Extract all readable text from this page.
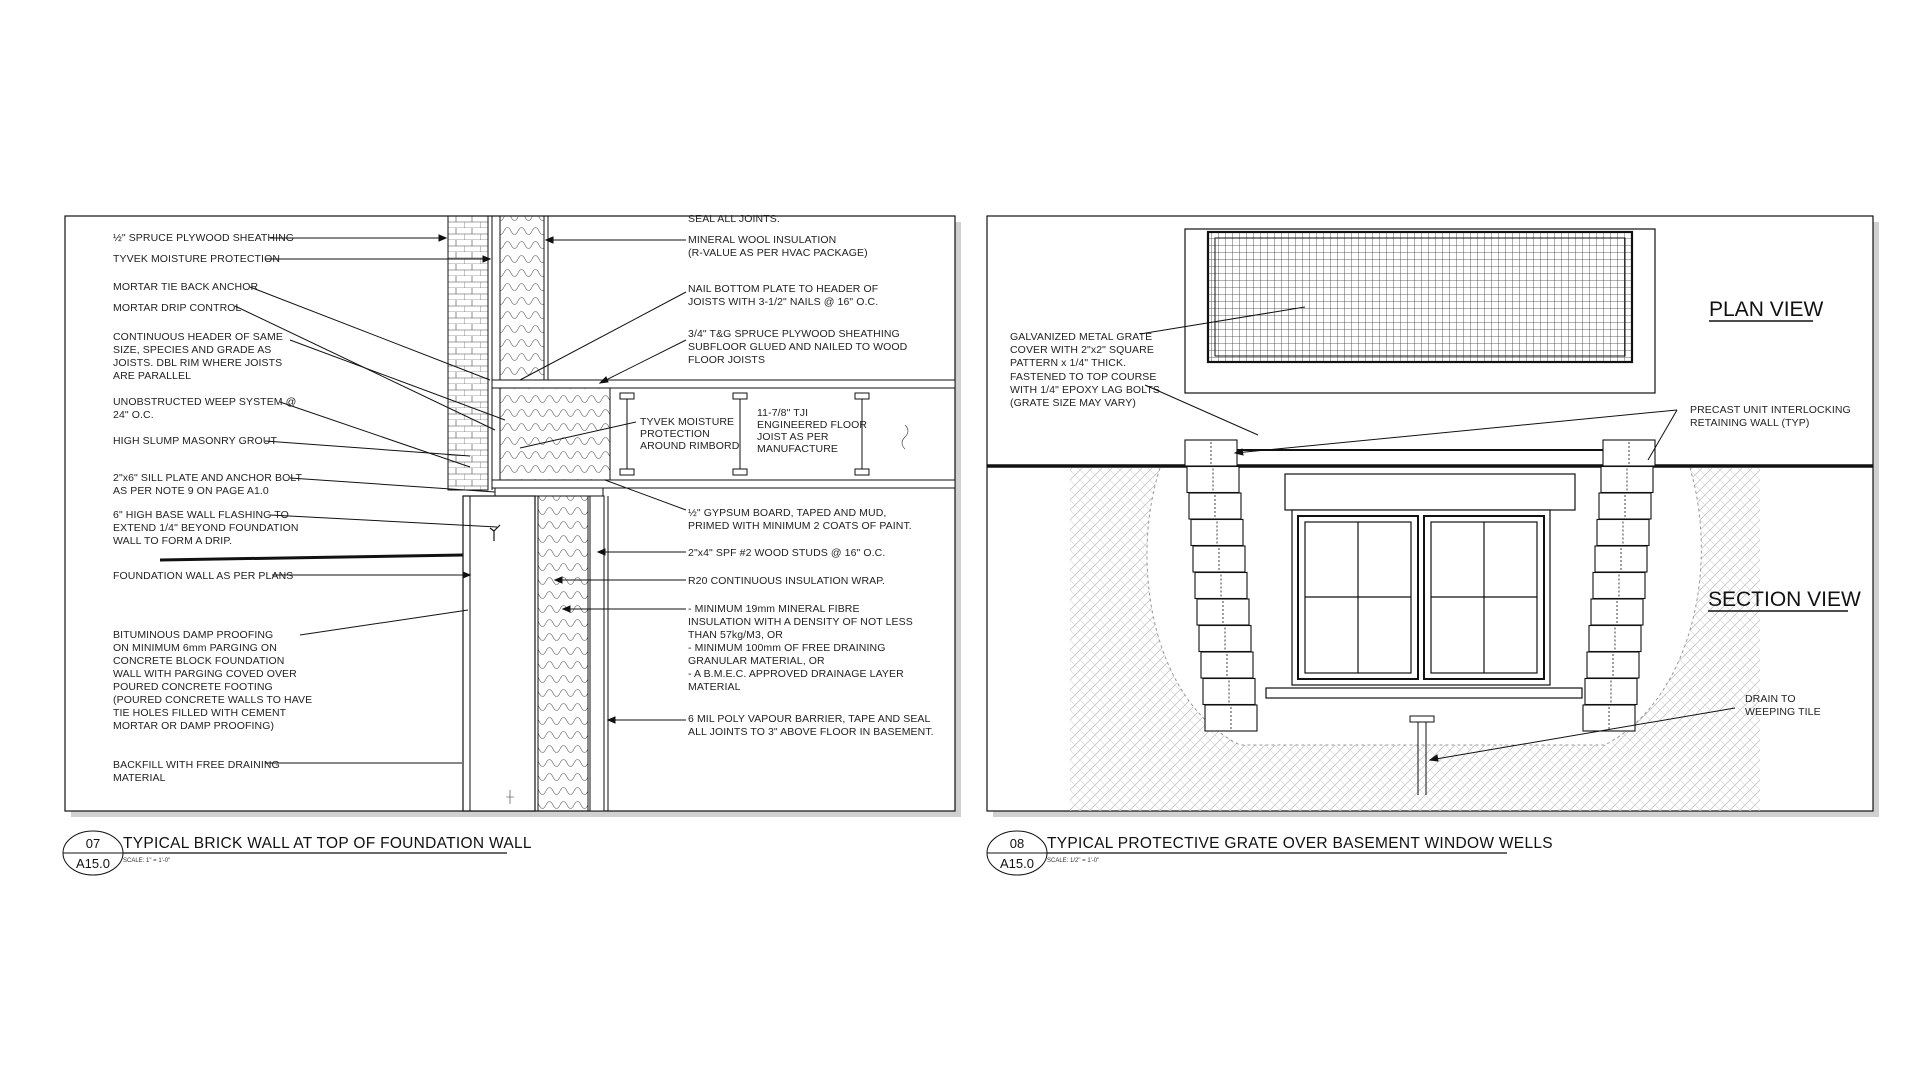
½" SPRUCE PLYWOOD SHEATHING
TYVEK MOISTURE PROTECTION
MORTAR TIE BACK ANCHOR
MORTAR DRIP CONTROL
CONTINUOUS HEADER OF SAME
SIZE, SPECIES AND GRADE AS
JOISTS. DBL RIM WHERE JOISTS
ARE PARALLEL
UNOBSTRUCTED WEEP SYSTEM @
24" O.C.
HIGH SLUMP MASONRY GROUT
2"x6" SILL PLATE AND ANCHOR BOLT
AS PER NOTE 9 ON PAGE A1.0
6" HIGH BASE WALL FLASHING TO
EXTEND 1/4" BEYOND FOUNDATION
WALL TO FORM A DRIP.
FOUNDATION WALL AS PER PLANS
BITUMINOUS DAMP PROOFING
ON MINIMUM 6mm PARGING ON
CONCRETE BLOCK FOUNDATION
WALL WITH PARGING COVED OVER
POURED CONCRETE FOOTING
(POURED CONCRETE WALLS TO HAVE
TIE HOLES FILLED WITH CEMENT
MORTAR OR DAMP PROOFING)
BACKFILL WITH FREE DRAINING
MATERIAL
SEAL ALL JOINTS.
MINERAL WOOL INSULATION
(R-VALUE AS PER HVAC PACKAGE)
NAIL BOTTOM PLATE TO HEADER OF
JOISTS WITH 3-1/2" NAILS @ 16" O.C.
3/4" T&G SPRUCE PLYWOOD SHEATHING
SUBFLOOR GLUED AND NAILED TO WOOD
FLOOR JOISTS
½" GYPSUM BOARD, TAPED AND MUD,
PRIMED WITH MINIMUM 2 COATS OF PAINT.
2"x4" SPF #2 WOOD STUDS @ 16" O.C.
R20 CONTINUOUS INSULATION WRAP.
- MINIMUM 19mm MINERAL FIBRE
INSULATION WITH A DENSITY OF NOT LESS
THAN 57kg/M3, OR
- MINIMUM 100mm OF FREE DRAINING
GRANULAR MATERIAL, OR
- A B.M.E.C. APPROVED DRAINAGE LAYER
MATERIAL
6 MIL POLY VAPOUR BARRIER, TAPE AND SEAL
ALL JOINTS TO 3" ABOVE FLOOR IN BASEMENT.
TYVEK MOISTURE
PROTECTION
AROUND RIMBORD
11-7/8" TJI
ENGINEERED FLOOR
JOIST AS PER
MANUFACTURE
PLAN VIEW
SECTION VIEW
GALVANIZED METAL GRATE
COVER WITH 2"x2" SQUARE
PATTERN x 1/4" THICK.
FASTENED TO TOP COURSE
WITH 1/4" EPOXY LAG BOLTS
(GRATE SIZE MAY VARY)
PRECAST UNIT INTERLOCKING
RETAINING WALL (TYP)
DRAIN TO
WEEPING TILE
07
A15.0
TYPICAL BRICK WALL AT TOP OF FOUNDATION WALL
SCALE: 1" = 1'-0"
08
A15.0
TYPICAL PROTECTIVE GRATE OVER BASEMENT WINDOW WELLS
SCALE: 1/2" = 1'-0"
